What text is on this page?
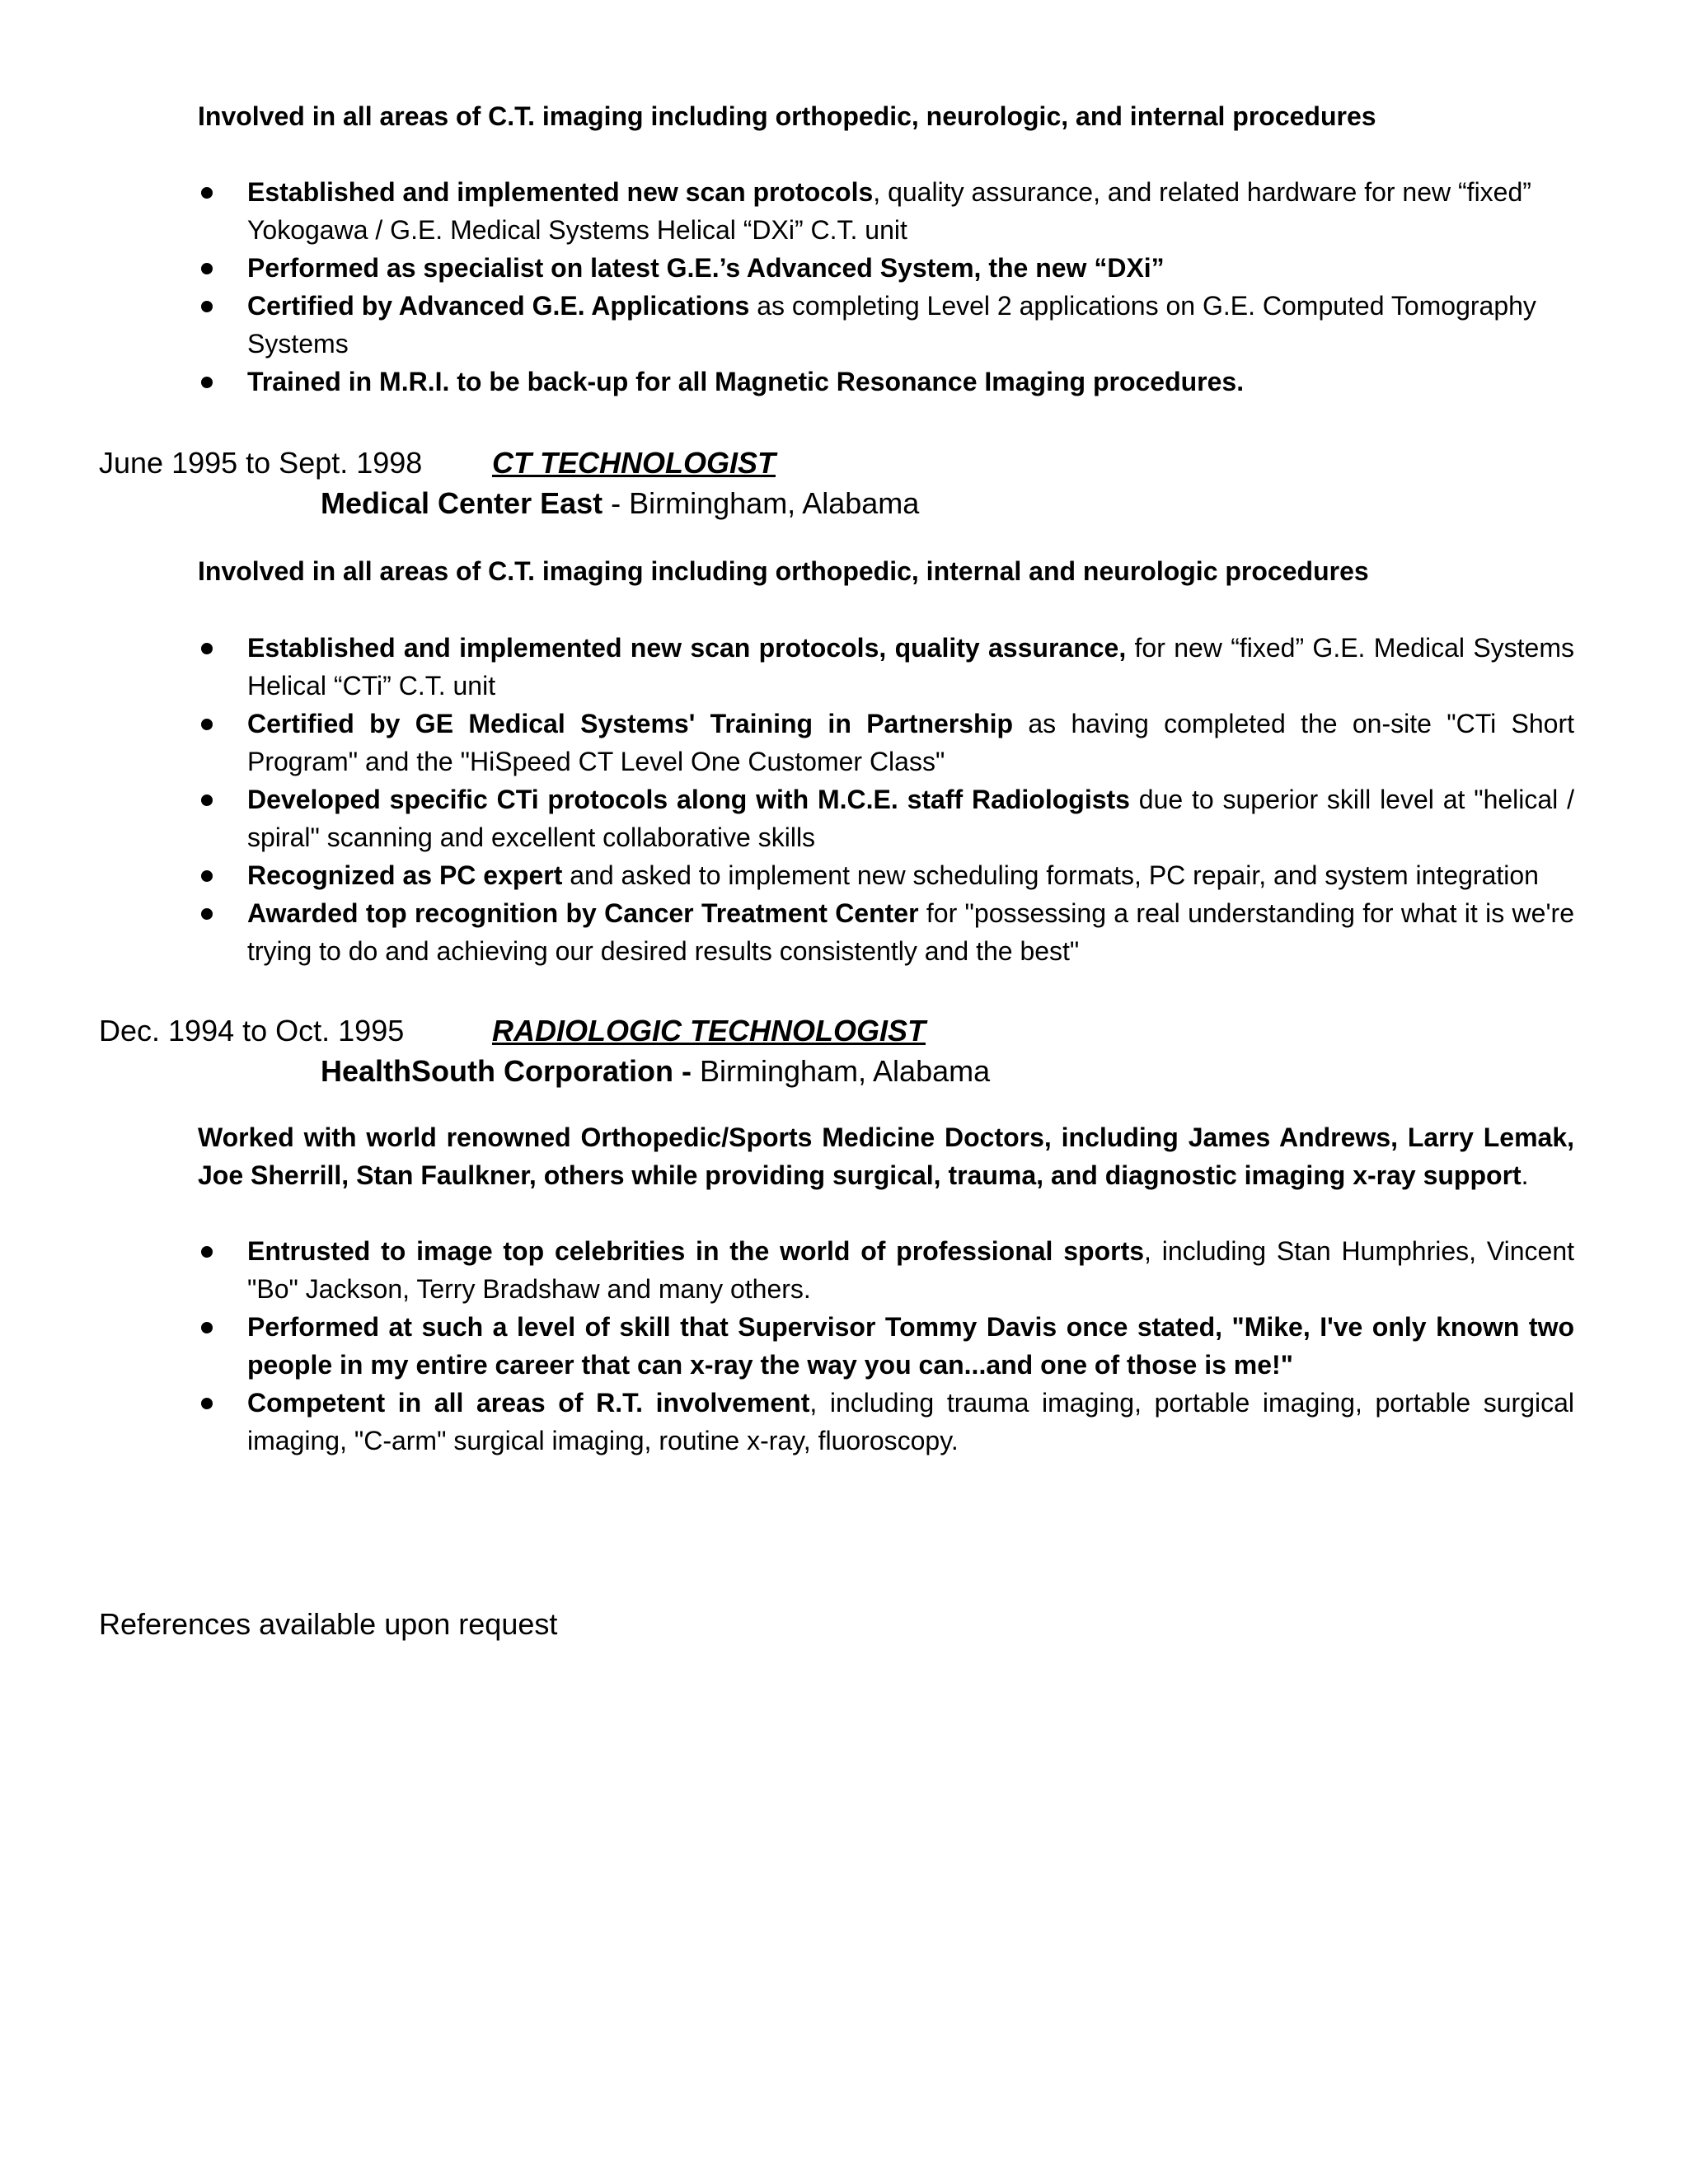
Involved in all areas of C.T. imaging including orthopedic, neurologic, and internal procedures
Established and implemented new scan protocols, quality assurance, and related hardware for new “fixed” Yokogawa / G.E. Medical Systems Helical “DXi” C.T. unit
Performed as specialist on latest G.E.’s Advanced System, the new “DXi”
Certified by Advanced G.E. Applications as completing Level 2 applications on G.E. Computed Tomography Systems
Trained in M.R.I. to be back-up for all Magnetic Resonance Imaging procedures.
June 1995 to Sept. 1998 CT TECHNOLOGIST
Medical Center East - Birmingham, Alabama
Involved in all areas of C.T. imaging including orthopedic, internal and neurologic procedures
Established and implemented new scan protocols, quality assurance, for new “fixed” G.E. Medical Systems Helical “CTi” C.T. unit
Certified by GE Medical Systems' Training in Partnership as having completed the on-site "CTi Short Program" and the "HiSpeed CT Level One Customer Class"
Developed specific CTi protocols along with M.C.E. staff Radiologists due to superior skill level at "helical / spiral" scanning and excellent collaborative skills
Recognized as PC expert and asked to implement new scheduling formats, PC repair, and system integration
Awarded top recognition by Cancer Treatment Center for "possessing a real understanding for what it is we're trying to do and achieving our desired results consistently and the best"
Dec. 1994 to Oct. 1995	RADIOLOGIC TECHNOLOGIST
HealthSouth Corporation - Birmingham, Alabama
Worked with world renowned Orthopedic/Sports Medicine Doctors, including James Andrews, Larry Lemak, Joe Sherrill, Stan Faulkner, others while providing surgical, trauma, and diagnostic imaging x-ray support.
Entrusted to image top celebrities in the world of professional sports, including Stan Humphries, Vincent "Bo" Jackson, Terry Bradshaw and many others.
Performed at such a level of skill that Supervisor Tommy Davis once stated, "Mike, I've only known two people in my entire career that can x-ray the way you can...and one of those is me!"
Competent in all areas of R.T. involvement, including trauma imaging, portable imaging, portable surgical imaging, "C-arm" surgical imaging, routine x-ray, fluoroscopy.
References available upon request
